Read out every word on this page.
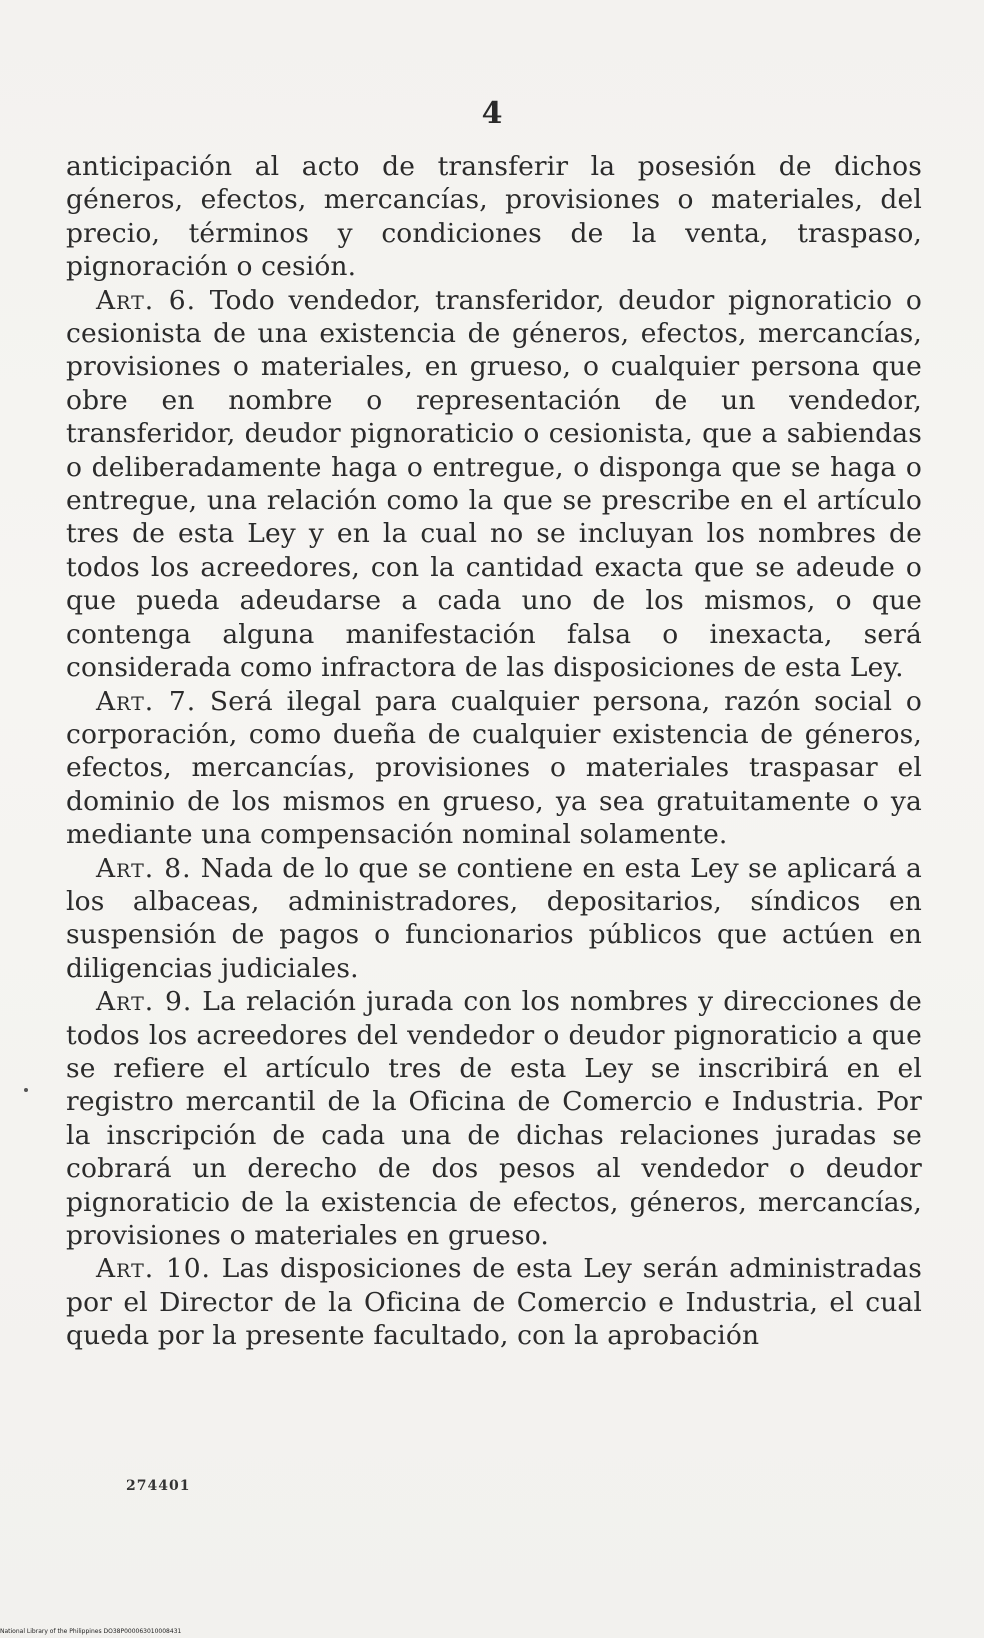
4

anticipación al acto de transferir la posesión de dichos géneros, efectos, mercancías, provisiones o materiales, del precio, términos y condiciones de la venta, traspaso, pignoración o cesión.

Art. 6. Todo vendedor, transferidor, deudor pignoraticio o cesionista de una existencia de géneros, efectos, mercancías, provisiones o materiales, en grueso, o cualquier persona que obre en nombre o representación de un vendedor, transferidor, deudor pignoraticio o cesionista, que a sabiendas o deliberadamente haga o entregue, o disponga que se haga o entregue, una relación como la que se prescribe en el artículo tres de esta Ley y en la cual no se incluyan los nombres de todos los acreedores, con la cantidad exacta que se adeude o que pueda adeudarse a cada uno de los mismos, o que contenga alguna manifestación falsa o inexacta, será considerada como infractora de las disposiciones de esta Ley.

Art. 7. Será ilegal para cualquier persona, razón social o corporación, como dueña de cualquier existencia de géneros, efectos, mercancías, provisiones o materiales traspasar el dominio de los mismos en grueso, ya sea gratuitamente o ya mediante una compensación nominal solamente.

Art. 8. Nada de lo que se contiene en esta Ley se aplicará a los albaceas, administradores, depositarios, síndicos en suspensión de pagos o funcionarios públicos que actúen en diligencias judiciales.

Art. 9. La relación jurada con los nombres y direcciones de todos los acreedores del vendedor o deudor pignoraticio a que se refiere el artículo tres de esta Ley se inscribirá en el registro mercantil de la Oficina de Comercio e Industria. Por la inscripción de cada una de dichas relaciones juradas se cobrará un derecho de dos pesos al vendedor o deudor pignoraticio de la existencia de efectos, géneros, mercancías, provisiones o materiales en grueso.

Art. 10. Las disposiciones de esta Ley serán administradas por el Director de la Oficina de Comercio e Industria, el cual queda por la presente facultado, con la aprobación

274401
National Library of the Philippines DO38P000063010008431
